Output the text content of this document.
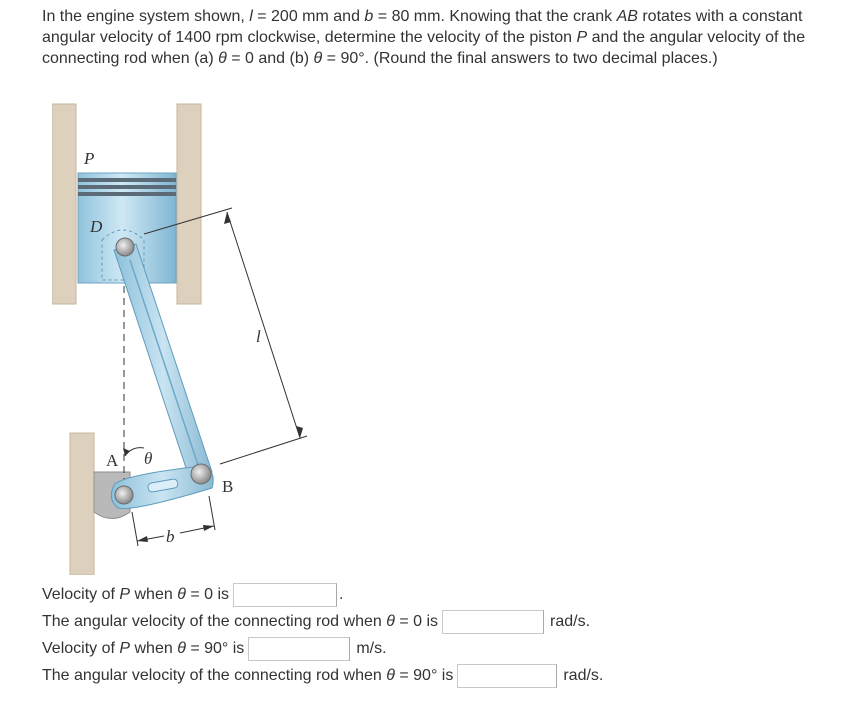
In the engine system shown, l = 200 mm and b = 80 mm. Knowing that the crank AB rotates with a constant angular velocity of 1400 rpm clockwise, determine the velocity of the piston P and the angular velocity of the connecting rod when (a) θ = 0 and (b) θ = 90°. (Round the final answers to two decimal places.)

P
D
l
A θ
B
b
Velocity of P when θ = 0 is	.
The angular velocity of the connecting rod when θ = 0 is	rad/s.
Velocity of P when θ = 90° is	m/s.
The angular velocity of the connecting rod when θ = 90° is	rad/s.
